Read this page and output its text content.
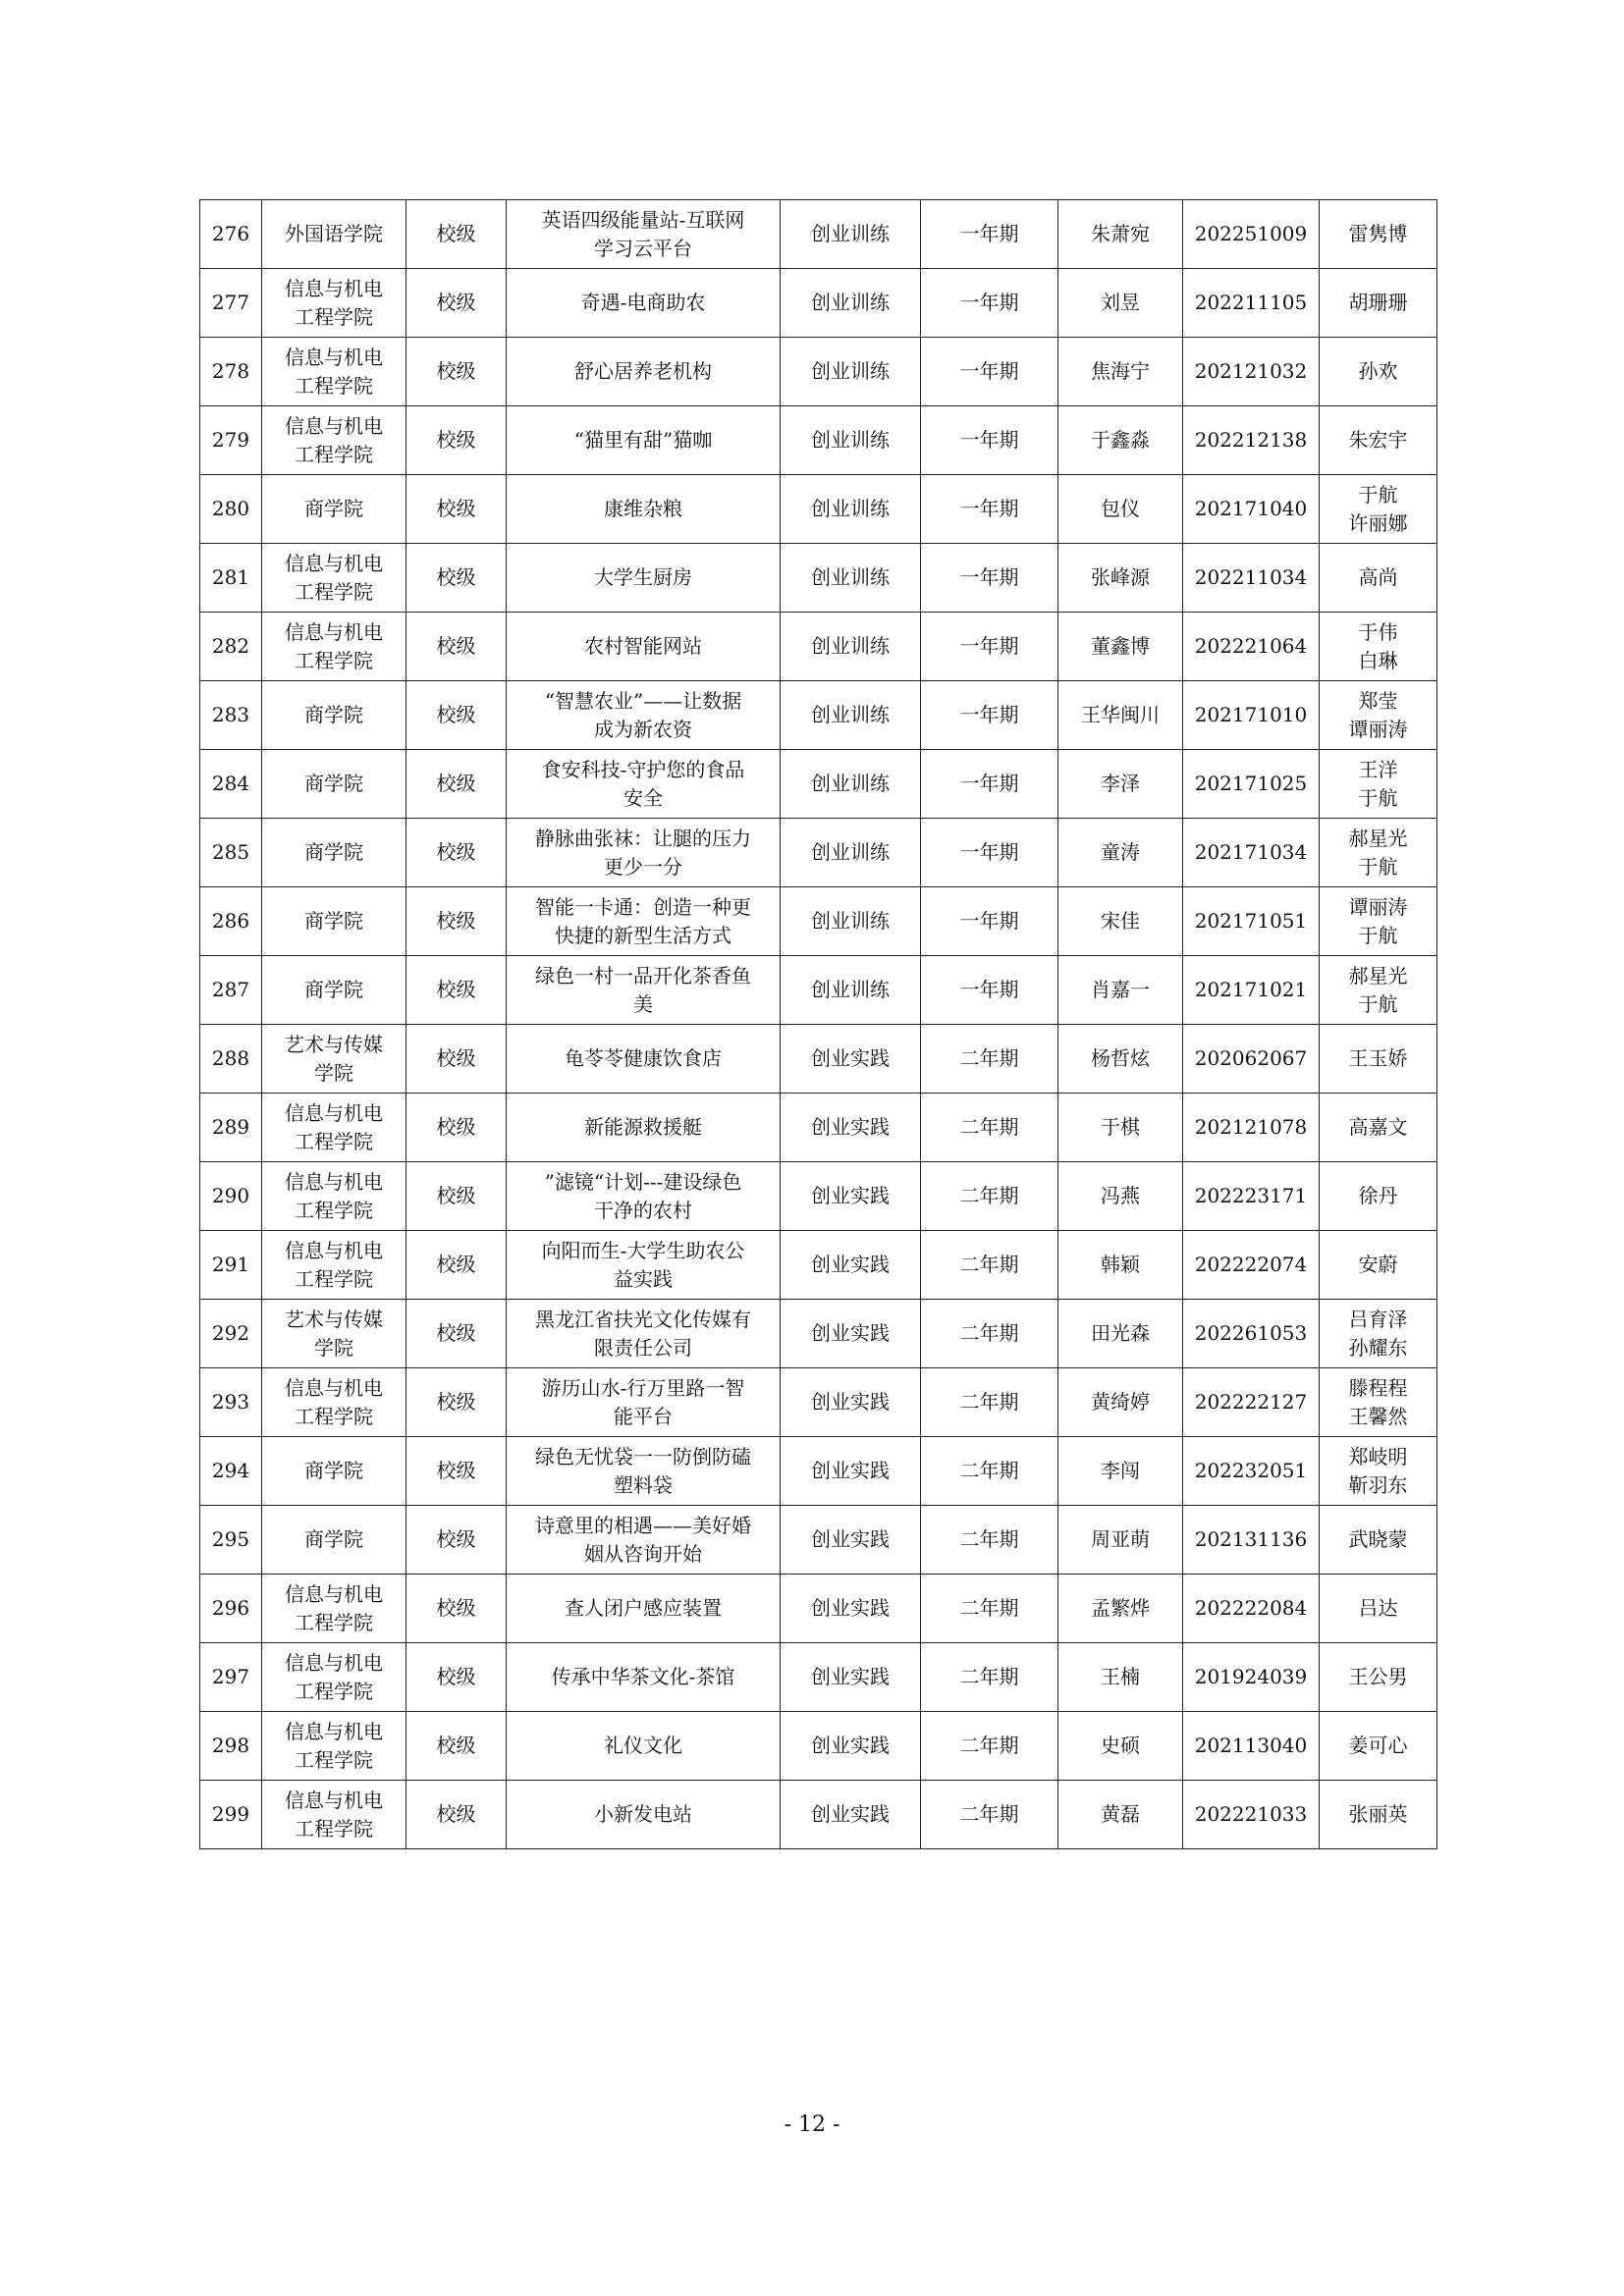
276	外国语学院	校级	英语四级能量站-互联网
学习云平台	创业训练	一年期	朱萧宛	202251009	雷隽博

277	信息与机电
工程学院	校级	奇遇-电商助农	创业训练	一年期	刘昱	202211105	胡珊珊

278	信息与机电
工程学院	校级	舒心居养老机构	创业训练	一年期	焦海宁	202121032	孙欢

279	信息与机电
工程学院	校级	“猫里有甜”猫咖	创业训练	一年期	于鑫淼	202212138	朱宏宇

280	商学院	校级	康维杂粮	创业训练	一年期	包仪	202171040	于航
许丽娜

281	信息与机电
工程学院	校级	大学生厨房	创业训练	一年期	张峰源	202211034	高尚

282	信息与机电
工程学院	校级	农村智能网站	创业训练	一年期	董鑫博	202221064	于伟
白琳

283	商学院	校级	“智慧农业”——让数据
成为新农资	创业训练	一年期	王华闽川	202171010	郑莹
谭丽涛

284	商学院	校级	食安科技-守护您的食品
安全	创业训练	一年期	李泽	202171025	王洋
于航

285	商学院	校级	静脉曲张袜：让腿的压力
更少一分	创业训练	一年期	童涛	202171034	郝星光
于航

286	商学院	校级	智能一卡通：创造一种更
快捷的新型生活方式	创业训练	一年期	宋佳	202171051	谭丽涛
于航

287	商学院	校级	绿色一村一品开化茶香鱼
美	创业训练	一年期	肖嘉一	202171021	郝星光
于航

288	艺术与传媒
学院	校级	龟苓苓健康饮食店	创业实践	二年期	杨哲炫	202062067	王玉娇

289	信息与机电
工程学院	校级	新能源救援艇	创业实践	二年期	于棋	202121078	高嘉文

290	信息与机电
工程学院	校级	”滤镜“计划---建设绿色
干净的农村	创业实践	二年期	冯燕	202223171	徐丹

291	信息与机电
工程学院	校级	向阳而生-大学生助农公
益实践	创业实践	二年期	韩颖	202222074	安蔚

292	艺术与传媒
学院	校级	黑龙江省扶光文化传媒有
限责任公司	创业实践	二年期	田光森	202261053	吕育泽
孙耀东

293	信息与机电
工程学院	校级	游历山水-行万里路一智
能平台	创业实践	二年期	黄绮婷	202222127	滕程程
王馨然

294	商学院	校级	绿色无忧袋一一防倒防磕
塑料袋	创业实践	二年期	李闯	202232051	郑岐明
靳羽东

295	商学院	校级	诗意里的相遇——美好婚
姻从咨询开始	创业实践	二年期	周亚萌	202131136	武晓蒙

296	信息与机电
工程学院	校级	查人闭户感应装置	创业实践	二年期	孟繁烨	202222084	吕达

297	信息与机电
工程学院	校级	传承中华茶文化-茶馆	创业实践	二年期	王楠	201924039	王公男

298	信息与机电
工程学院	校级	礼仪文化	创业实践	二年期	史硕	202113040	姜可心

299	信息与机电
工程学院	校级	小新发电站	创业实践	二年期	黄磊	202221033	张丽英
- 12 -
